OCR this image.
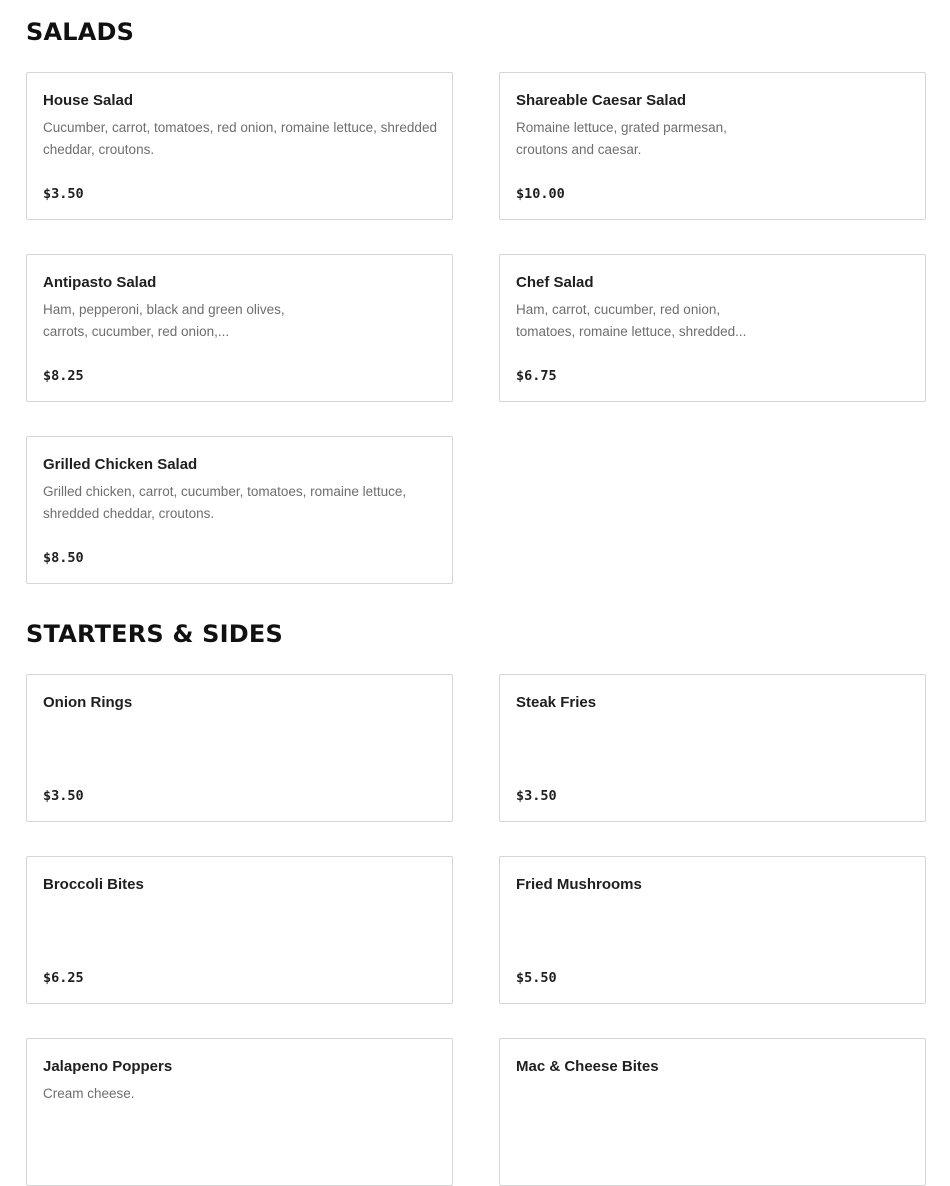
SALADS
House Salad
Cucumber, carrot, tomatoes, red onion, romaine lettuce, shredded cheddar, croutons.
$3.50
Shareable Caesar Salad
Romaine lettuce, grated parmesan, croutons and caesar.
$10.00
Antipasto Salad
Ham, pepperoni, black and green olives, carrots, cucumber, red onion,...
$8.25
Chef Salad
Ham, carrot, cucumber, red onion, tomatoes, romaine lettuce, shredded...
$6.75
Grilled Chicken Salad
Grilled chicken, carrot, cucumber, tomatoes, romaine lettuce, shredded cheddar, croutons.
$8.50
STARTERS & SIDES
Onion Rings
$3.50
Steak Fries
$3.50
Broccoli Bites
$6.25
Fried Mushrooms
$5.50
Jalapeno Poppers
Cream cheese.
Mac & Cheese Bites
